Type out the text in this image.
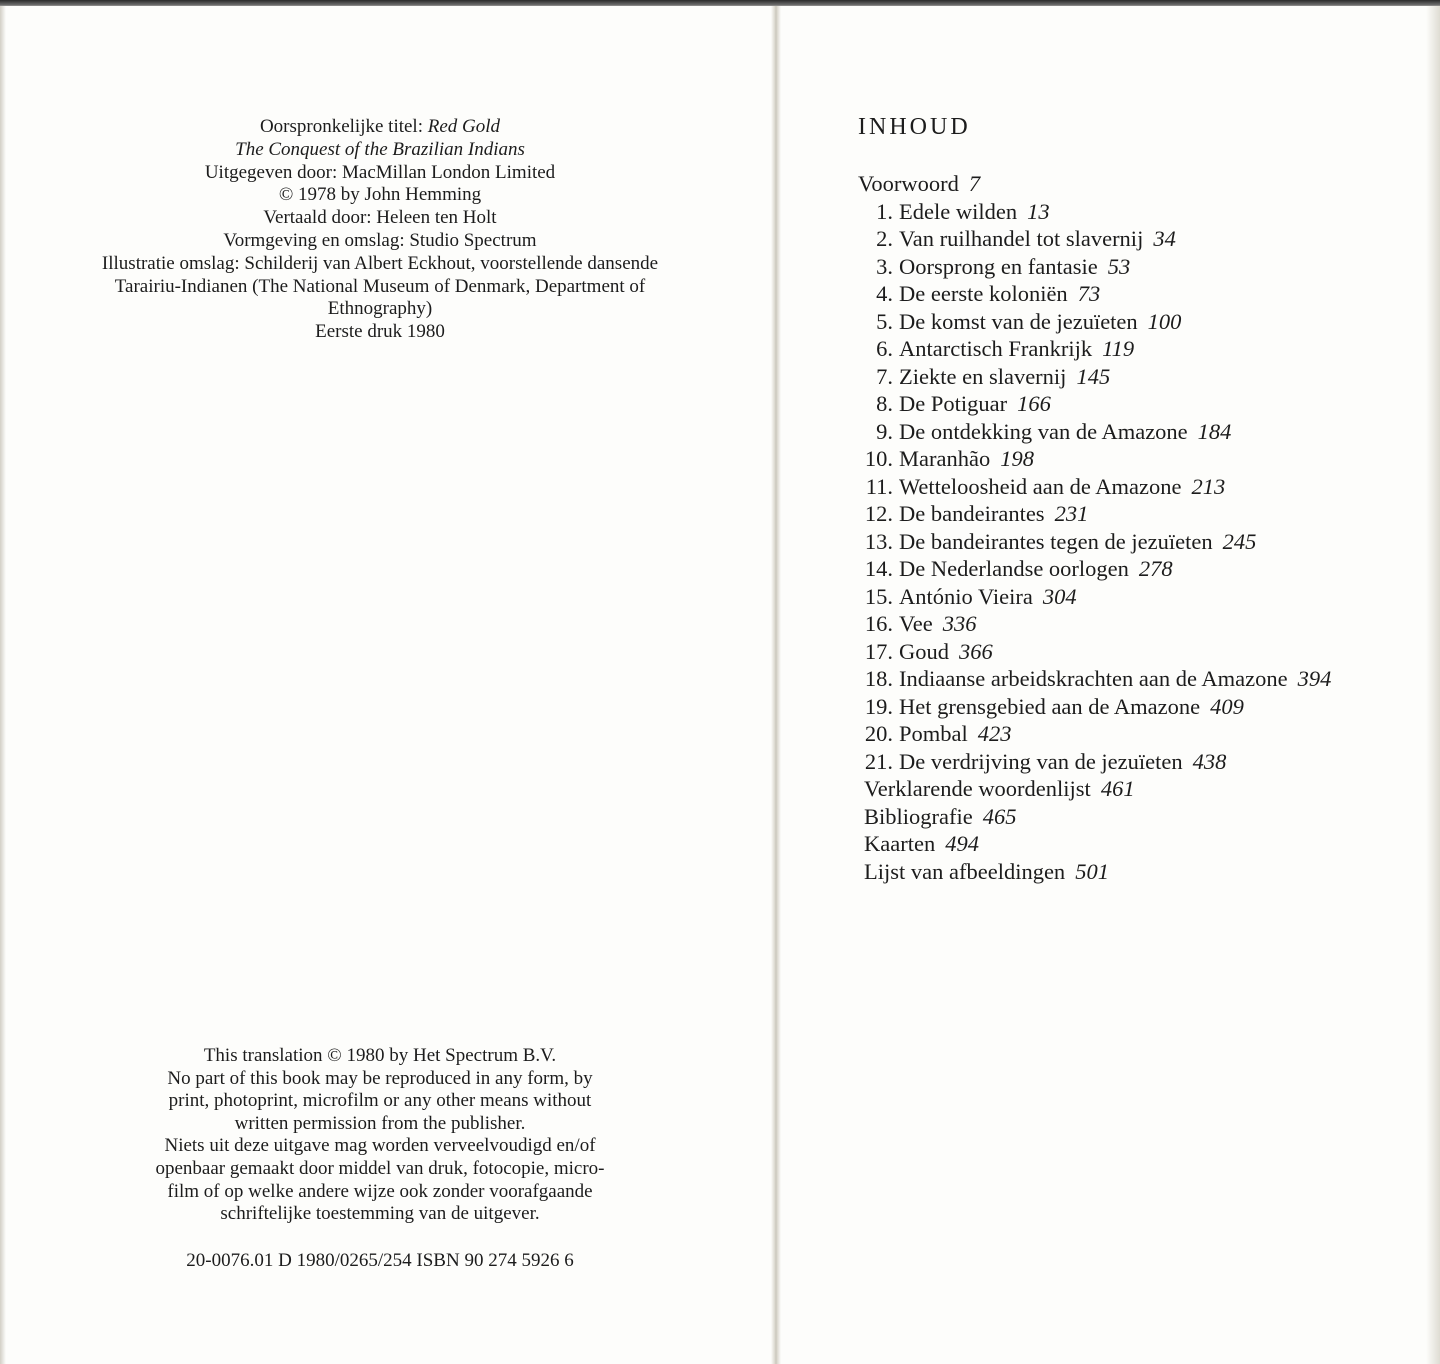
Oorspronkelijke titel: Red Gold
The Conquest of the Brazilian Indians
Uitgegeven door: MacMillan London Limited
© 1978 by John Hemming
Vertaald door: Heleen ten Holt
Vormgeving en omslag: Studio Spectrum
Illustratie omslag: Schilderij van Albert Eckhout, voorstellende dansende
Tarairiu-Indianen (The National Museum of Denmark, Department of
Ethnography)
Eerste druk 1980
This translation © 1980 by Het Spectrum B.V.
No part of this book may be reproduced in any form, by
print, photoprint, microfilm or any other means without
written permission from the publisher.
Niets uit deze uitgave mag worden verveelvoudigd en/of
openbaar gemaakt door middel van druk, fotocopie, micro-
film of op welke andere wijze ook zonder voorafgaande
schriftelijke toestemming van de uitgever.
20-0076.01 D 1980/0265/254 ISBN 90 274 5926 6
INHOUD
Voorwoord 7
1. Edele wilden 13
2. Van ruilhandel tot slavernij 34
3. Oorsprong en fantasie 53
4. De eerste koloniën 73
5. De komst van de jezuïeten 100
6. Antarctisch Frankrijk 119
7. Ziekte en slavernij 145
8. De Potiguar 166
9. De ontdekking van de Amazone 184
10. Maranhão 198
11. Wetteloosheid aan de Amazone 213
12. De bandeirantes 231
13. De bandeirantes tegen de jezuïeten 245
14. De Nederlandse oorlogen 278
15. António Vieira 304
16. Vee 336
17. Goud 366
18. Indiaanse arbeidskrachten aan de Amazone 394
19. Het grensgebied aan de Amazone 409
20. Pombal 423
21. De verdrijving van de jezuïeten 438
Verklarende woordenlijst 461
Bibliografie 465
Kaarten 494
Lijst van afbeeldingen 501
